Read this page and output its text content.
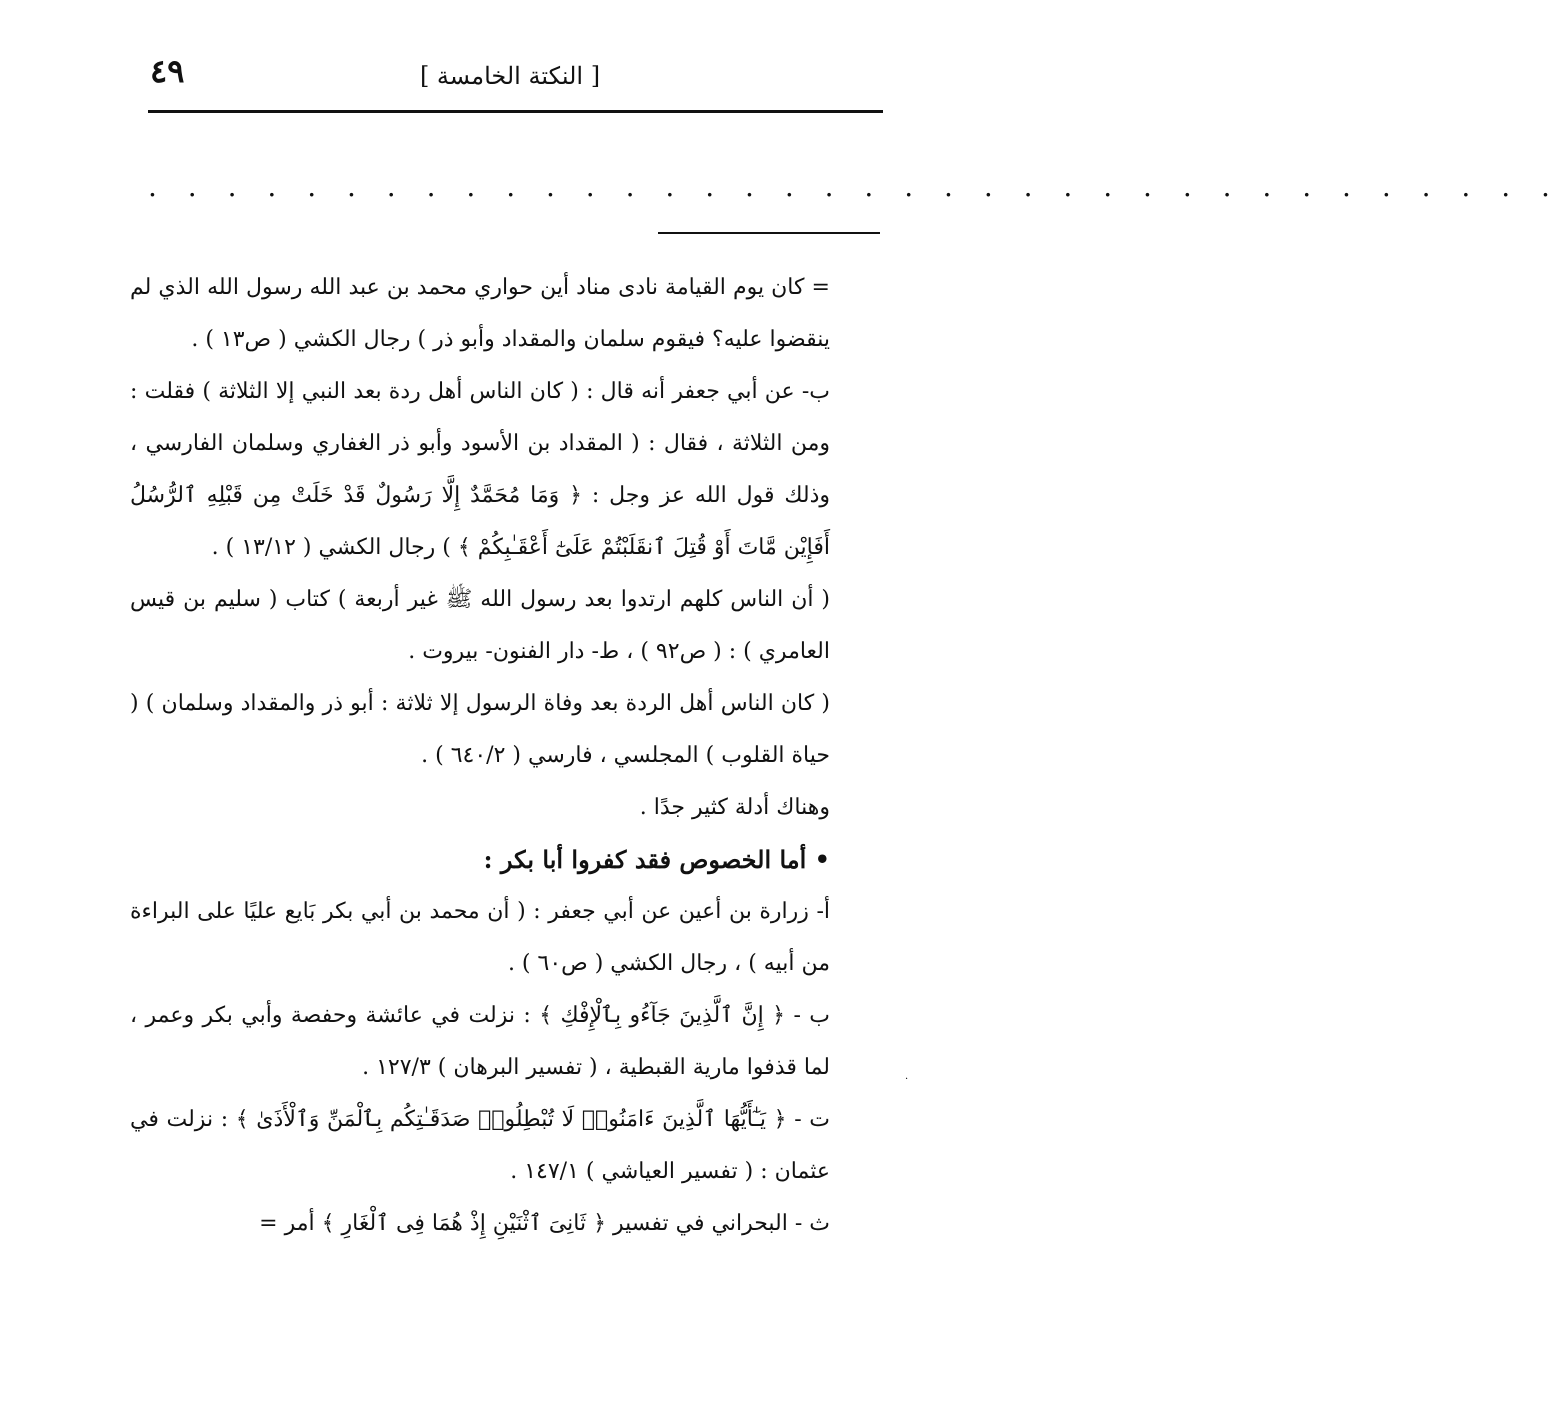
٤٩	[ النكتة الخامسة ]
. . . . . . . . . . . . . . . . . . . . . . . . . . . . . . . . . . . .

= كان يوم القيامة نادى مناد أين حواري محمد بن عبد الله رسول الله الذي لم ينقضوا عليه؟ فيقوم سلمان والمقداد وأبو ذر ) رجال الكشي ( ص١٣ ) .

ب- عن أبي جعفر أنه قال : ( كان الناس أهل ردة بعد النبي إلا الثلاثة ) فقلت : ومن الثلاثة ، فقال : ( المقداد بن الأسود وأبو ذر الغفاري وسلمان الفارسي ، وذلك قول الله عز وجل : ﴿ وَمَا مُحَمَّدٌ إِلَّا رَسُولٌ قَدْ خَلَتْ مِن قَبْلِهِ ٱلرُّسُلُ أَفَإِيْن مَّاتَ أَوْ قُتِلَ ٱنقَلَبْتُمْ عَلَىٰٓ أَعْقَـٰبِكُمْ ﴾ ) رجال الكشي ( ١٣/١٢ ) .

( أن الناس كلهم ارتدوا بعد رسول الله ﷺ غير أربعة ) كتاب ( سليم بن قيس العامري ) : ( ص٩٢ ) ، ط- دار الفنون- بيروت .

( كان الناس أهل الردة بعد وفاة الرسول إلا ثلاثة : أبو ذر والمقداد وسلمان ) ( حياة القلوب ) المجلسي ، فارسي ( ٦٤٠/٢ ) .

وهناك أدلة كثير جدًا .

• أما الخصوص فقد كفروا أبا بكر :

أ- زرارة بن أعين عن أبي جعفر : ( أن محمد بن أبي بكر بَايع عليًا على البراءة من أبيه ) ، رجال الكشي ( ص٦٠ ) .

ب - ﴿ إِنَّ ٱلَّذِينَ جَآءُو بِٱلْإِفْكِ ﴾ : نزلت في عائشة وحفصة وأبي بكر وعمر ، لما قذفوا مارية القبطية ، ( تفسير البرهان ) ١٢٧/٣ .

ت - ﴿ يَـٰٓأَيُّهَا ٱلَّذِينَ ءَامَنُوا۟ لَا تُبْطِلُوا۟ صَدَقَـٰتِكُم بِٱلْمَنِّ وَٱلْأَذَىٰ ﴾ : نزلت في عثمان : ( تفسير العياشي ) ١٤٧/١ .

ث - البحراني في تفسير ﴿ ثَانِىَ ٱثْنَيْنِ إِذْ هُمَا فِى ٱلْغَارِ ﴾ أمر =

·
